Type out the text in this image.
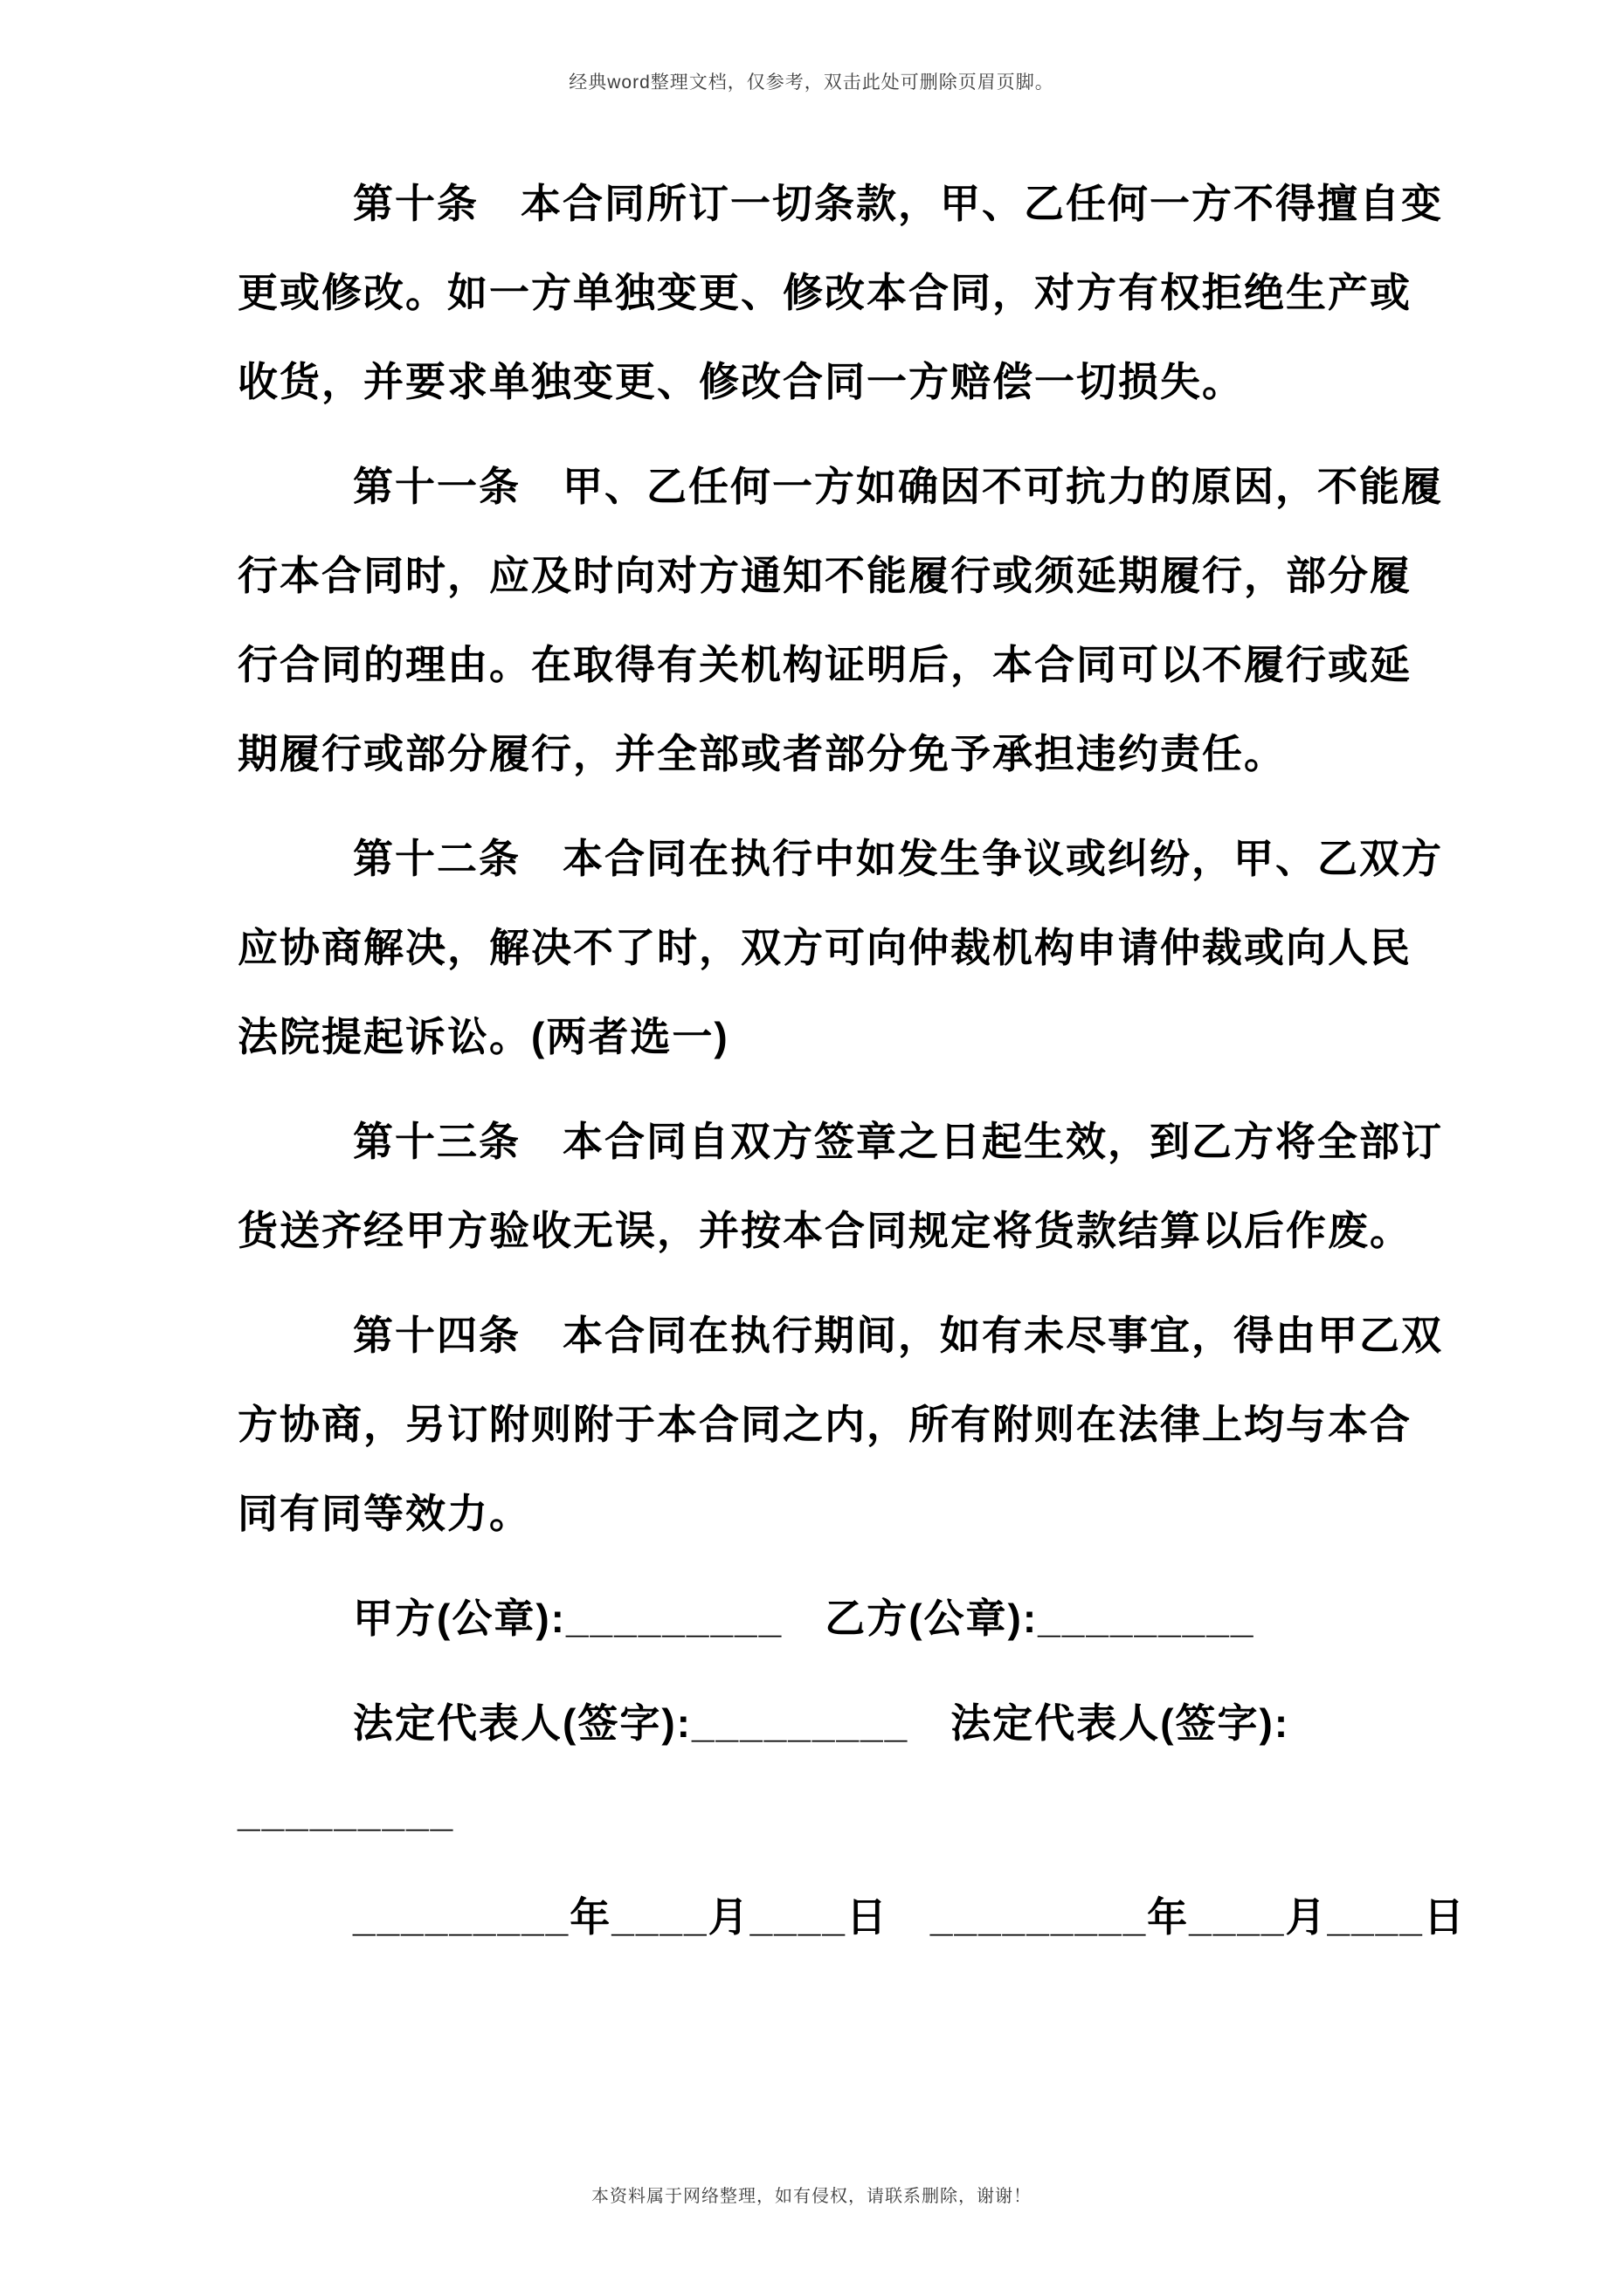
经典word整理文档，仅参考，双击此处可删除页眉页脚。
第十条　本合同所订一切条款，甲、乙任何一方不得擅自变
更或修改。如一方单独变更、修改本合同，对方有权拒绝生产或
收货，并要求单独变更、修改合同一方赔偿一切损失。
第十一条　甲、乙任何一方如确因不可抗力的原因，不能履
行本合同时，应及时向对方通知不能履行或须延期履行，部分履
行合同的理由。在取得有关机构证明后，本合同可以不履行或延
期履行或部分履行，并全部或者部分免予承担违约责任。
第十二条　本合同在执行中如发生争议或纠纷，甲、乙双方
应协商解决，解决不了时，双方可向仲裁机构申请仲裁或向人民
法院提起诉讼。(两者选一)
第十三条　本合同自双方签章之日起生效，到乙方将全部订
货送齐经甲方验收无误，并按本合同规定将货款结算以后作废。
第十四条　本合同在执行期间，如有未尽事宜，得由甲乙双
方协商，另订附则附于本合同之内，所有附则在法律上均与本合
同有同等效力。
甲方(公章):_________　乙方(公章):_________
法定代表人(签字):_________　法定代表人(签字):
_________
_________年____月____日　_________年____月____日
本资料属于网络整理，如有侵权，请联系删除，谢谢！
